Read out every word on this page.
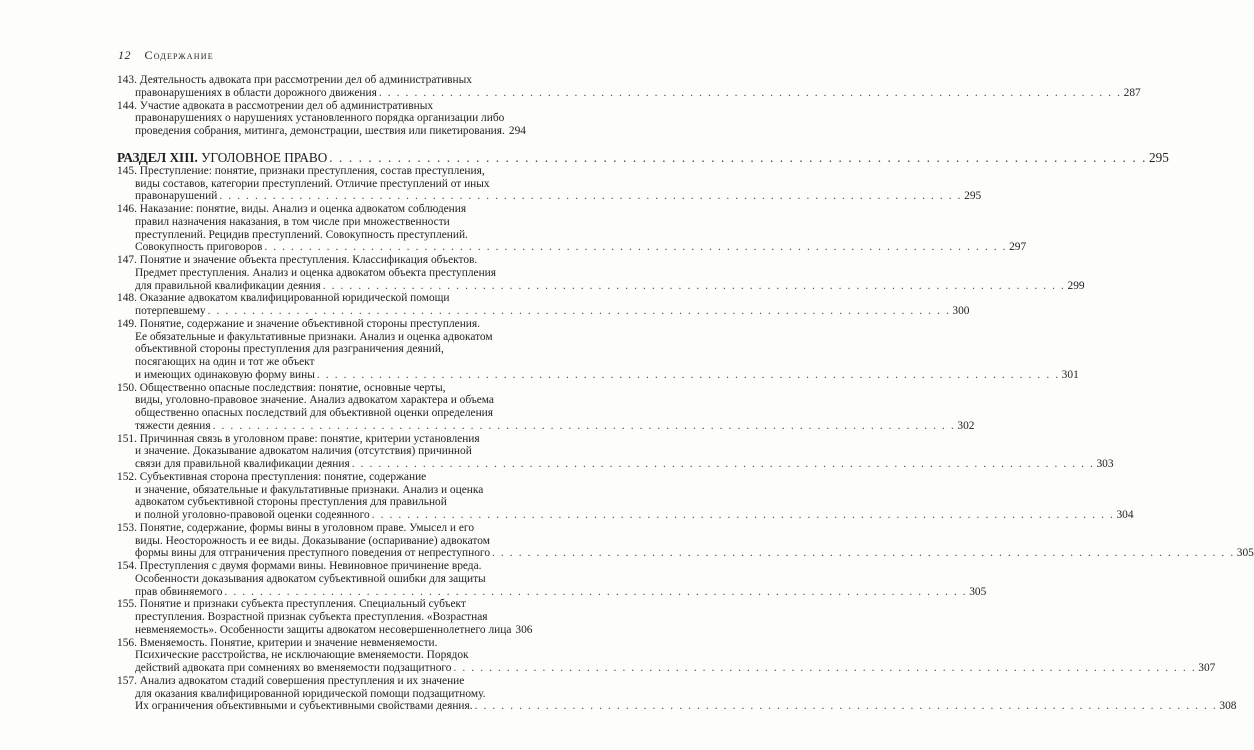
12 Содержание
143. Деятельность адвоката при рассмотрении дел об административных
правонарушениях в области дорожного движения . . . . . . . . . . . . . . . . . . . . . . . . . . . . . . . . . . . . . . . . . . . . . . . . . . . . . . . . . . . . . . . . . . . . . . . . . . . . . . . . . . . . 287
144. Участие адвоката в рассмотрении дел об административных
правонарушениях о нарушениях установленного порядка организации либо
проведения собрания, митинга, демонстрации, шествия или пикетирования. 294
РАЗДЕЛ XIII. УГОЛОВНОЕ ПРАВО . . . . . . . . . . . . . . . . . . . . . . . . . . . . . . . . . . . . . . . . . . . . . . . . . . . . . . . . . . . . . . . . . . . . . . . . . . . . . . . . . . . . 295
145. Преступление: понятие, признаки преступления, состав преступления,
виды составов, категории преступлений. Отличие преступлений от иных
правонарушений . . . . . . . . . . . . . . . . . . . . . . . . . . . . . . . . . . . . . . . . . . . . . . . . . . . . . . . . . . . . . . . . . . . . . . . . . . . . . . . . . . . . 295
146. Наказание: понятие, виды. Анализ и оценка адвокатом соблюдения
правил назначения наказания, в том числе при множественности
преступлений. Рецидив преступлений. Совокупность преступлений.
Совокупность приговоров . . . . . . . . . . . . . . . . . . . . . . . . . . . . . . . . . . . . . . . . . . . . . . . . . . . . . . . . . . . . . . . . . . . . . . . . . . . . . . . . . . . . 297
147. Понятие и значение объекта преступления. Классификация объектов.
Предмет преступления. Анализ и оценка адвокатом объекта преступления
для правильной квалификации деяния . . . . . . . . . . . . . . . . . . . . . . . . . . . . . . . . . . . . . . . . . . . . . . . . . . . . . . . . . . . . . . . . . . . . . . . . . . . . . . . . . . . . 299
148. Оказание адвокатом квалифицированной юридической помощи
потерпевшему . . . . . . . . . . . . . . . . . . . . . . . . . . . . . . . . . . . . . . . . . . . . . . . . . . . . . . . . . . . . . . . . . . . . . . . . . . . . . . . . . . . . 300
149. Понятие, содержание и значение объективной стороны преступления.
Ее обязательные и факультативные признаки. Анализ и оценка адвокатом
объективной стороны преступления для разграничения деяний,
посягающих на один и тот же объект
и имеющих одинаковую форму вины . . . . . . . . . . . . . . . . . . . . . . . . . . . . . . . . . . . . . . . . . . . . . . . . . . . . . . . . . . . . . . . . . . . . . . . . . . . . . . . . . . . . 301
150. Общественно опасные последствия: понятие, основные черты,
виды, уголовно-правовое значение. Анализ адвокатом характера и объема
общественно опасных последствий для объективной оценки определения
тяжести деяния . . . . . . . . . . . . . . . . . . . . . . . . . . . . . . . . . . . . . . . . . . . . . . . . . . . . . . . . . . . . . . . . . . . . . . . . . . . . . . . . . . . . 302
151. Причинная связь в уголовном праве: понятие, критерии установления
и значение. Доказывание адвокатом наличия (отсутствия) причинной
связи для правильной квалификации деяния . . . . . . . . . . . . . . . . . . . . . . . . . . . . . . . . . . . . . . . . . . . . . . . . . . . . . . . . . . . . . . . . . . . . . . . . . . . . . . . . . . . . 303
152. Субъективная сторона преступления: понятие, содержание
и значение, обязательные и факультативные признаки. Анализ и оценка
адвокатом субъективной стороны преступления для правильной
и полной уголовно-правовой оценки содеянного . . . . . . . . . . . . . . . . . . . . . . . . . . . . . . . . . . . . . . . . . . . . . . . . . . . . . . . . . . . . . . . . . . . . . . . . . . . . . . . . . . . . 304
153. Понятие, содержание, формы вины в уголовном праве. Умысел и его
виды. Неосторожность и ее виды. Доказывание (оспаривание) адвокатом
формы вины для отграничения преступного поведения от непреступного . . . . . . . . . . . . . . . . . . . . . . . . . . . . . . . . . . . . . . . . . . . . . . . . . . . . . . . . . . . . . . . . . . . . . . . . . . . . . . . . . . . . 305
154. Преступления с двумя формами вины. Невиновное причинение вреда.
Особенности доказывания адвокатом субъективной ошибки для защиты
прав обвиняемого . . . . . . . . . . . . . . . . . . . . . . . . . . . . . . . . . . . . . . . . . . . . . . . . . . . . . . . . . . . . . . . . . . . . . . . . . . . . . . . . . . . . 305
155. Понятие и признаки субъекта преступления. Специальный субъект
преступления. Возрастной признак субъекта преступления. «Возрастная
невменяемость». Особенности защиты адвокатом несовершеннолетнего лица 306
156. Вменяемость. Понятие, критерии и значение невменяемости.
Психические расстройства, не исключающие вменяемости. Порядок
действий адвоката при сомнениях во вменяемости подзащитного . . . . . . . . . . . . . . . . . . . . . . . . . . . . . . . . . . . . . . . . . . . . . . . . . . . . . . . . . . . . . . . . . . . . . . . . . . . . . . . . . . . . 307
157. Анализ адвокатом стадий совершения преступления и их значение
для оказания квалифицированной юридической помощи подзащитному.
Их ограничения объективными и субъективными свойствами деяния. . . . . . . . . . . . . . . . . . . . . . . . . . . . . . . . . . . . . . . . . . . . . . . . . . . . . . . . . . . . . . . . . . . . . . . . . . . . . . . . . . . . . 308
